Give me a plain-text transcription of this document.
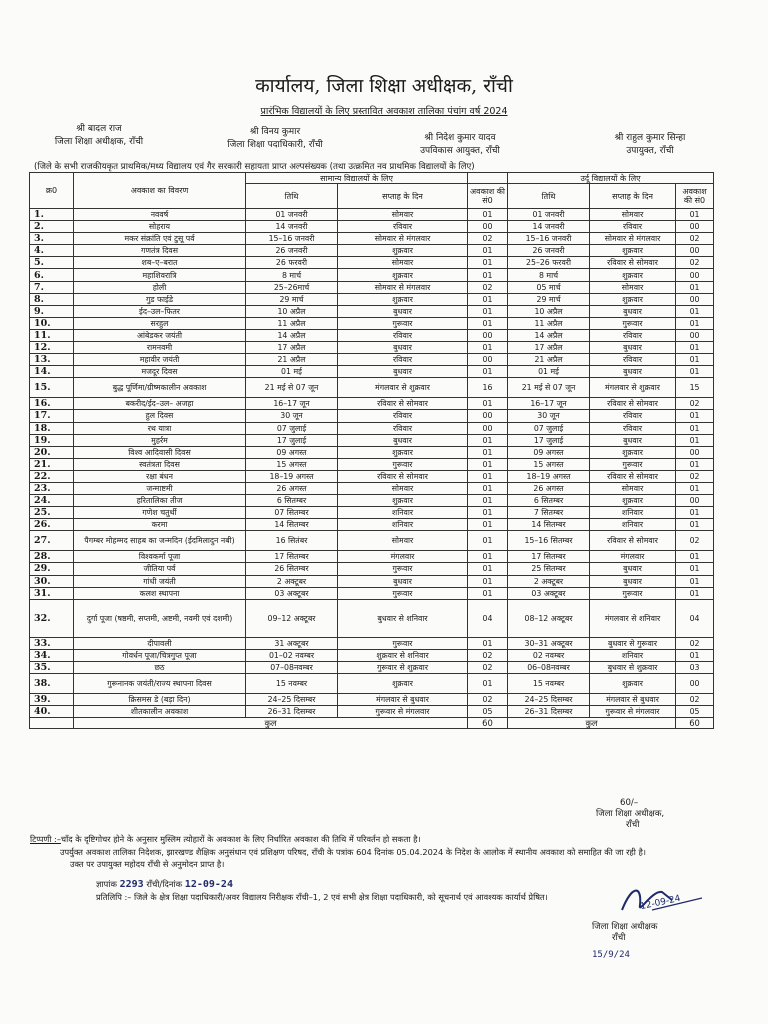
कार्यालय, जिला शिक्षा अधीक्षक, राँची
प्रारंभिक विद्यालयों के लिए प्रस्तावित अवकाश तालिका पंचांग वर्ष 2024
श्री बादल राज
जिला शिक्षा अधीक्षक, राँची
श्री विनय कुमार
जिला शिक्षा पदाधिकारी, राँची
श्री निदेश कुमार यादव
उपविकास आयुक्त, राँची
श्री राहुल कुमार सिन्हा
उपायुक्त, राँची
(जिले के सभी राजकीयकृत प्राथमिक/मध्य विद्यालय एवं गैर सरकारी सहायता प्राप्त अल्पसंख्यक (तथा उत्क्रमित नव प्राथमिक विद्यालयों के लिए)
क्र0	अवकाश का विवरण	सामान्य विद्यालयों के लिए			उर्दू विद्यालयों के लिए		
		तिथि	सप्ताह के दिन	अवकाश की सं0	तिथि	सप्ताह के दिन	अवकाश की सं0
1.	नववर्ष	01 जनवरी	सोमवार	01	01 जनवरी	सोमवार	01
2.	सोहराय	14 जनवरी	रविवार	00	14 जनवरी	रविवार	00
3.	मकर संक्रांति एवं टुसू पर्व	15–16 जनवरी	सोमवार से मंगलवार	02	15–16 जनवरी	सोमवार से मंगलवार	02
4.	गणतंत्र दिवस	26 जनवरी	शुक्रवार	01	26 जनवरी	शुक्रवार	00
5.	शब–ए–बरात	26 फरवरी	सोमवार	01	25–26 फरवरी	रविवार से सोमवार	02
6.	महाशिवरात्रि	8 मार्च	शुक्रवार	01	8 मार्च	शुक्रवार	00
7.	होली	25–26मार्च	सोमवार से मंगलवार	02	05 मार्च	सोमवार	01
8.	गुड फाईडे	29 मार्च	शुक्रवार	01	29 मार्च	शुक्रवार	00
9.	ईद–उल–फितर	10 अप्रैल	बुधवार	01	10 अप्रैल	बुधवार	01
10.	सरहुल	11 अप्रैल	गुरूवार	01	11 अप्रैल	गुरूवार	01
11.	आंबेडकर जयंती	14 अप्रैल	रविवार	00	14 अप्रैल	रविवार	00
12.	रामनवमी	17 अप्रैल	बुधवार	01	17 अप्रैल	बुधवार	01
13.	महावीर जयंती	21 अप्रैल	रविवार	00	21 अप्रैल	रविवार	01
14.	मजदूर दिवस	01 मई	बुधवार	01	01 मई	बुधवार	01
15.	बुद्ध पूर्णिमा/ग्रीष्मकालीन अवकाश	21 मई से 07 जून	मंगलवार से शुक्रवार	16	21 मई से 07 जून	मंगलवार से शुक्रवार	15
16.	बकरीद/ईद–उल– अजहा	16–17 जून	रविवार से सोमवार	01	16–17 जून	रविवार से सोमवार	02
17.	हुल दिवस	30 जून	रविवार	00	30 जून	रविवार	01
18.	रथ यात्रा	07 जुलाई	रविवार	00	07 जुलाई	रविवार	01
19.	मुहर्रम	17 जुलाई	बुधवार	01	17 जुलाई	बुधवार	01
20.	विश्व आदिवासी दिवस	09 अगस्त	शुक्रवार	01	09 अगस्त	शुक्रवार	00
21.	स्वतंत्रता दिवस	15 अगस्त	गुरूवार	01	15 अगस्त	गुरूवार	01
22.	रक्षा बंधन	18–19 अगस्त	रविवार से सोमवार	01	18–19 अगस्त	रविवार से सोमवार	02
23.	जन्माष्टमी	26 अगस्त	सोमवार	01	26 अगस्त	सोमवार	01
24.	हरितालिका तीज	6 सितम्बर	शुक्रवार	01	6 सितम्बर	शुक्रवार	00
25.	गणेश चतुर्थी	07 सितम्बर	शनिवार	01	7 सितम्बर	शनिवार	01
26.	करमा	14 सितम्बर	शनिवार	01	14 सितम्बर	शनिवार	01
27.	पैगम्बर मोहम्मद साहब का जन्मदिन (ईदमिलादुन नबी)	16 सितंबर	सोमवार	01	15–16 सितम्बर	रविवार से सोमवार	02
28.	विश्वकर्मा पूजा	17 सितम्बर	मंगलवार	01	17 सितम्बर	मंगलवार	01
29.	जीतिया पर्व	26 सितम्बर	गुरूवार	01	25 सितम्बर	बुधवार	01
30.	गांधी जयंती	2 अक्टूबर	बुधवार	01	2 अक्टूबर	बुधवार	01
31.	कलश स्थापना	03 अक्टूबर	गुरूवार	01	03 अक्टूबर	गुरूवार	01
32.	दुर्गा पूजा (षष्ठमी, सप्तमी, अष्टमी, नवमी एवं दशमी)	09–12 अक्टूबर	बुधवार से शनिवार	04	08–12 अक्टूबर	मंगलवार से शनिवार	04
33.	दीपावली	31 अक्टूबर	गुरूवार	01	30–31 अक्टूबर	बुधवार से गुरूवार	02
34.	गोवर्धन पूजा/चित्रगुप्त पूजा	01–02 नवम्बर	शुक्रवार से शनिवार	02	02 नवम्बर	शनिवार	01
35.	छठ	07–08नवम्बर	गुरूवार से शुक्रवार	02	06–08नवम्बर	बुधवार से शुक्रवार	03
38.	गुरूनानक जयंती/राज्य स्थापना दिवस	15 नवम्बर	शुक्रवार	01	15 नवम्बर	शुक्रवार	00
39.	क्रिसमस डे (बड़ा दिन)	24–25 दिसम्बर	मंगलवार से बुधवार	02	24–25 दिसम्बर	मंगलवार से बुधवार	02
40.	शीतकालीन अवकाश	26–31 दिसम्बर	गुरूवार से मंगलवार	05	26–31 दिसम्बर	गुरूवार से मंगलवार	05
	कुल			60	कुल		60
60/–
जिला शिक्षा अधीक्षक,
राँची
टिप्पणी :–चाँद के दृष्टिगोचर होने के अनुसार मुस्लिम त्योहारों के अवकाश के लिए निर्धारित अवकाश की तिथि में परिवर्तन हो सकता है।
उपर्युक्त अवकाश तालिका निदेशक, झारखण्ड शैक्षिक अनुसंधान एवं प्रशिक्षण परिषद, राँची के पत्रांक 604 दिनांक 05.04.2024 के निदेश के आलोक में स्थानीय अवकाश को समाहित की जा रही है।
उक्त पर उपायुक्त महोदय राँची से अनुमोदन प्राप्त है।
ज्ञापांक 2293 राँची/दिनांक 12-09-24
प्रतिलिपि :– जिले के क्षेत्र शिक्षा पदाधिकारी/अवर विद्यालय निरीक्षक राँची–1, 2 एवं सभी क्षेत्र शिक्षा पदाधिकारी, को सूचनार्थ एवं आवश्यक कार्यार्थ प्रेषित।	12-09-24
जिला शिक्षा अधीक्षक
राँची
15/9/24
